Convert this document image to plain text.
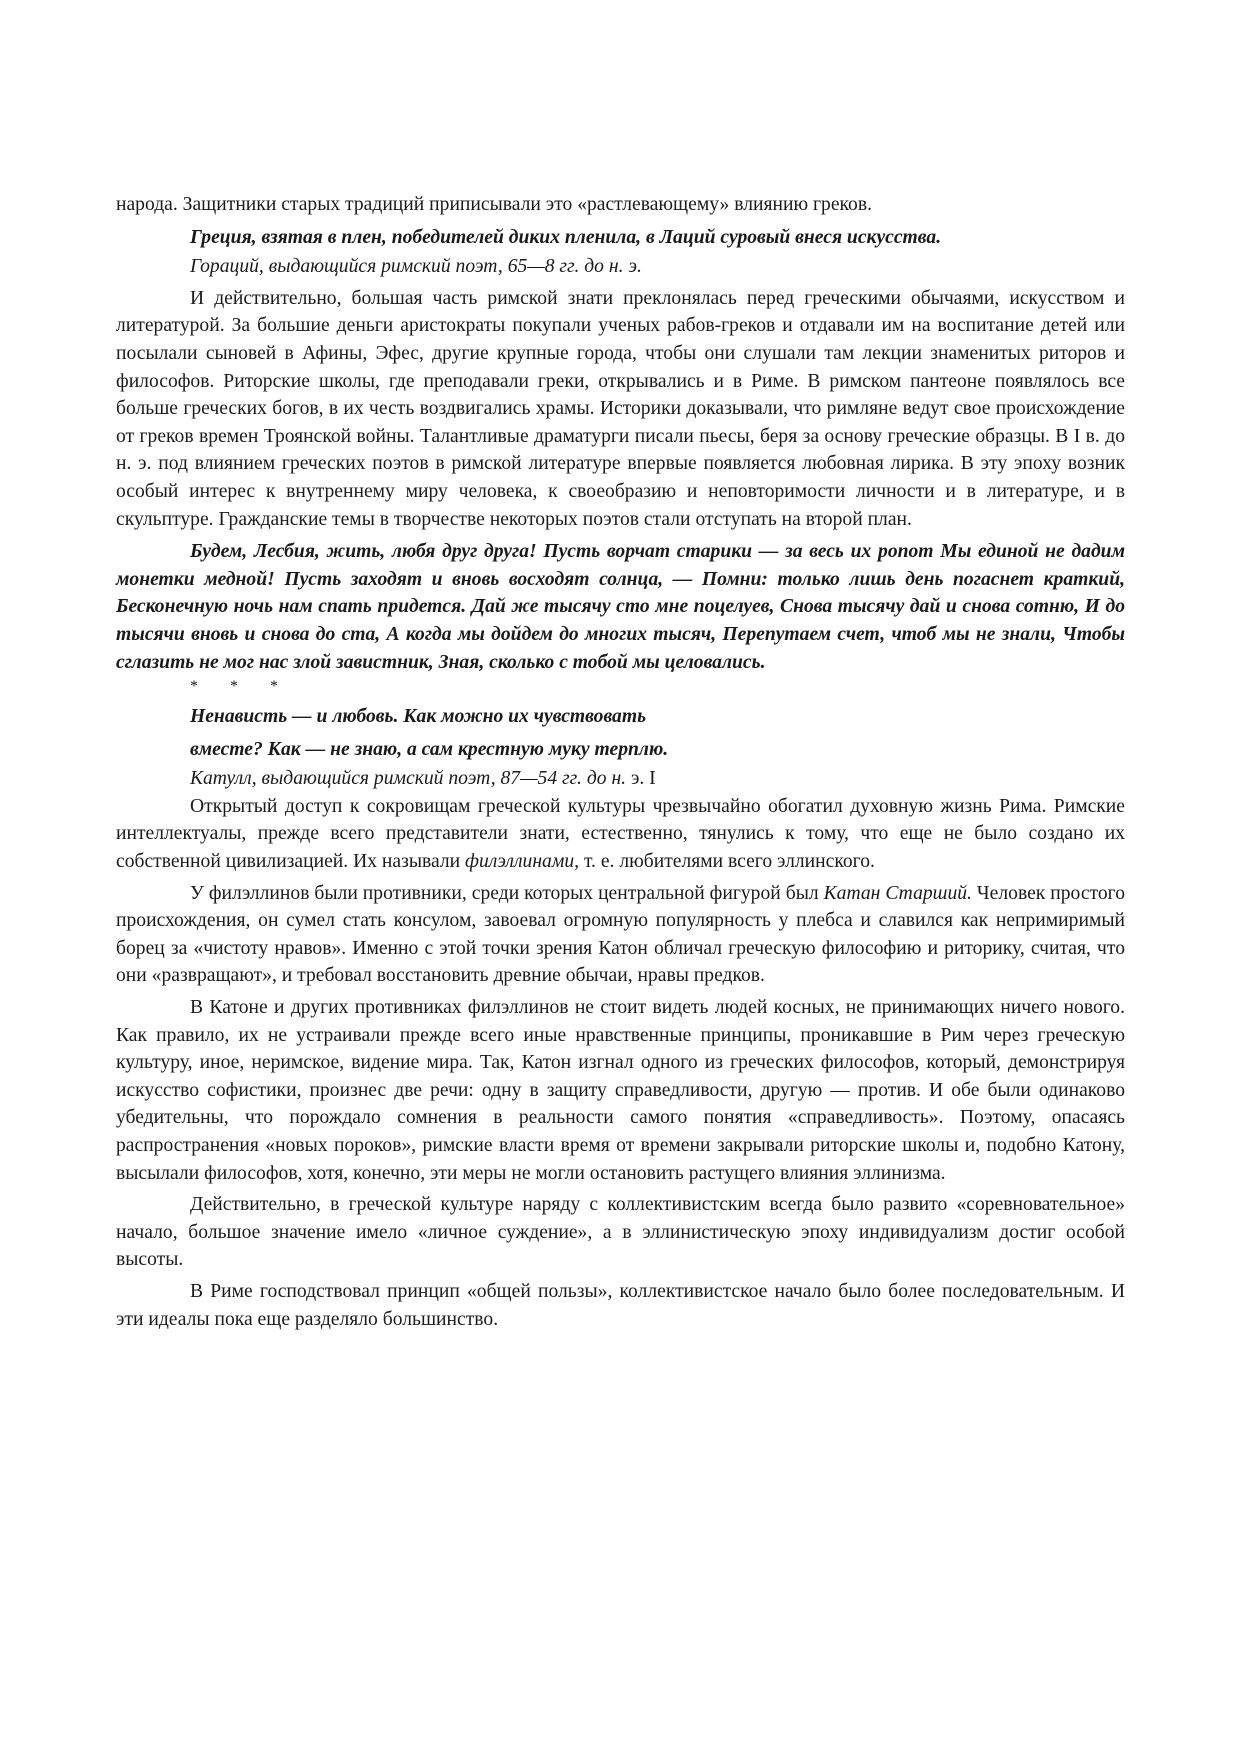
народа. Защитники старых традиций приписывали это «растлевающему» влиянию греков.

Греция, взятая в плен, победителей диких пленила, в Лаций суровый внеся искусства.
Гораций, выдающийся римский поэт, 65—8 гг. до н. э.

И действительно, большая часть римской знати преклонялась перед греческими обычаями, искусством и литературой. За большие деньги аристократы покупали ученых рабов-греков и отдавали им на воспитание детей или посылали сыновей в Афины, Эфес, другие крупные города, чтобы они слушали там лекции знаменитых риторов и философов. Риторские школы, где преподавали греки, открывались и в Риме. В римском пантеоне появлялось все больше греческих богов, в их честь воздвигались храмы. Историки доказывали, что римляне ведут свое происхождение от греков времен Троянской войны. Талантливые драматурги писали пьесы, беря за основу греческие образцы. В I в. до н. э. под влиянием греческих поэтов в римской литературе впервые появляется любовная лирика. В эту эпоху возник особый интерес к внутреннему миру человека, к своеобразию и неповторимости личности и в литературе, и в скульптуре. Гражданские темы в творчестве некоторых поэтов стали отступать на второй план.

Будем, Лесбия, жить, любя друг друга! Пусть ворчат старики — за весь их ропот Мы единой не дадим монетки медной! Пусть заходят и вновь восходят солнца, — Помни: только лишь день погаснет краткий, Бесконечную ночь нам спать придется. Дай же тысячу сто мне поцелуев, Снова тысячу дай и снова сотню, И до тысячи вновь и снова до ста, А когда мы дойдем до многих тысяч, Перепутаем счет, чтоб мы не знали, Чтобы сглазить не мог нас злой завистник, Зная, сколько с тобой мы целовались.

* * *
Ненависть — и любовь. Как можно их чувствовать
вместе? Как — не знаю, а сам крестную муку терплю.
Катулл, выдающийся римский поэт, 87—54 гг. до н. э. I

Открытый доступ к сокровищам греческой культуры чрезвычайно обогатил духовную жизнь Рима. Римские интеллектуалы, прежде всего представители знати, естественно, тянулись к тому, что еще не было создано их собственной цивилизацией. Их называли филэллинами, т. е. любителями всего эллинского.

У филэллинов были противники, среди которых центральной фигурой был Катан Старший. Человек простого происхождения, он сумел стать консулом, завоевал огромную популярность у плебса и славился как непримиримый борец за «чистоту нравов». Именно с этой точки зрения Катон обличал греческую философию и риторику, считая, что они «развращают», и требовал восстановить древние обычаи, нравы предков.

В Катоне и других противниках филэллинов не стоит видеть людей косных, не принимающих ничего нового. Как правило, их не устраивали прежде всего иные нравственные принципы, проникавшие в Рим через греческую культуру, иное, неримское, видение мира. Так, Катон изгнал одного из греческих философов, который, демонстрируя искусство софистики, произнес две речи: одну в защиту справедливости, другую — против. И обе были одинаково убедительны, что порождало сомнения в реальности самого понятия «справедливость». Поэтому, опасаясь распространения «новых пороков», римские власти время от времени закрывали риторские школы и, подобно Катону, высылали философов, хотя, конечно, эти меры не могли остановить растущего влияния эллинизма.

Действительно, в греческой культуре наряду с коллективистским всегда было развито «соревновательное» начало, большое значение имело «личное суждение», а в эллинистическую эпоху индивидуализм достиг особой высоты.

В Риме господствовал принцип «общей пользы», коллективистское начало было более последовательным. И эти идеалы пока еще разделяло большинство.
